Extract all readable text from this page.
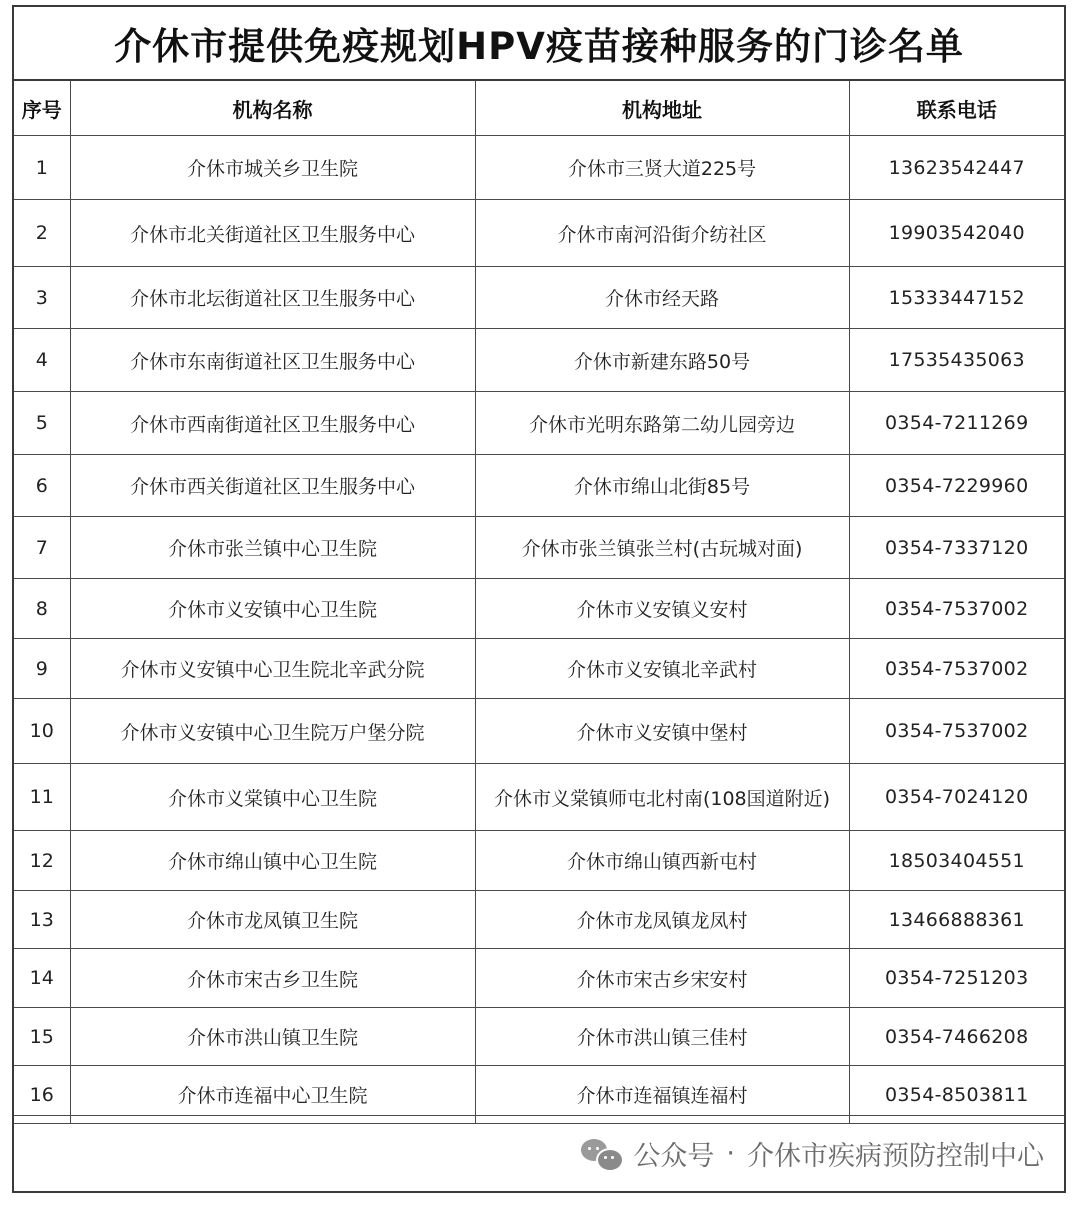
介休市提供免疫规划HPV疫苗接种服务的门诊名单
序号	机构名称	机构地址	联系电话
1	介休市城关乡卫生院	介休市三贤大道225号	13623542447
2	介休市北关街道社区卫生服务中心	介休市南河沿街介纺社区	19903542040
3	介休市北坛街道社区卫生服务中心	介休市经天路	15333447152
4	介休市东南街道社区卫生服务中心	介休市新建东路50号	17535435063
5	介休市西南街道社区卫生服务中心	介休市光明东路第二幼儿园旁边	0354-7211269
6	介休市西关街道社区卫生服务中心	介休市绵山北街85号	0354-7229960
7	介休市张兰镇中心卫生院	介休市张兰镇张兰村(古玩城对面)	0354-7337120
8	介休市义安镇中心卫生院	介休市义安镇义安村	0354-7537002
9	介休市义安镇中心卫生院北辛武分院	介休市义安镇北辛武村	0354-7537002
10	介休市义安镇中心卫生院万户堡分院	介休市义安镇中堡村	0354-7537002
11	介休市义棠镇中心卫生院	介休市义棠镇师屯北村南(108国道附近)	0354-7024120
12	介休市绵山镇中心卫生院	介休市绵山镇西新屯村	18503404551
13	介休市龙凤镇卫生院	介休市龙凤镇龙凤村	13466888361
14	介休市宋古乡卫生院	介休市宋古乡宋安村	0354-7251203
15	介休市洪山镇卫生院	介休市洪山镇三佳村	0354-7466208
16	介休市连福中心卫生院	介休市连福镇连福村	0354-8503811
公众号 · 介休市疾病预防控制中心
